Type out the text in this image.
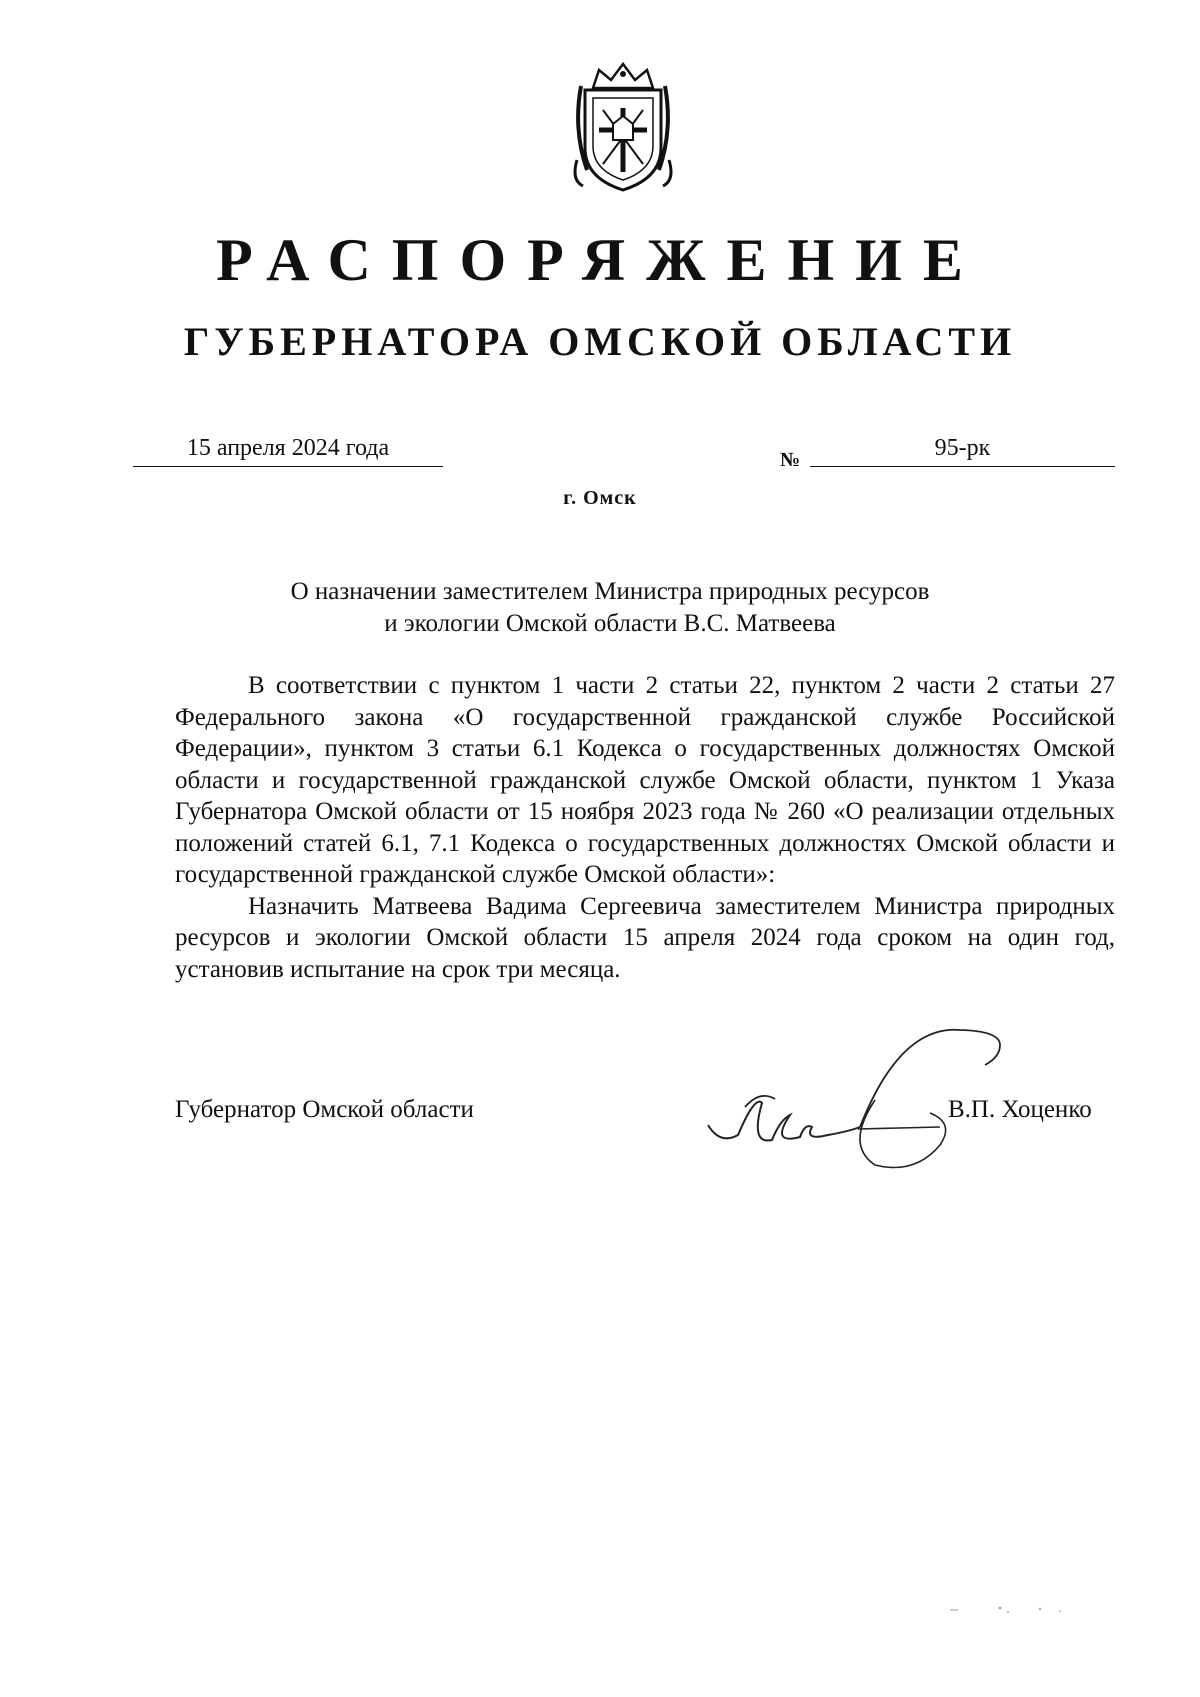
РАСПОРЯЖЕНИЕ
ГУБЕРНАТОРА ОМСКОЙ ОБЛАСТИ
15 апреля 2024 года	№	95-рк
г. Омск
О назначении заместителем Министра природных ресурсов
и экологии Омской области В.С. Матвеева

В соответствии с пунктом 1 части 2 статьи 22, пунктом 2 части 2 статьи 27 Федерального закона «О государственной гражданской службе Российской Федерации», пунктом 3 статьи 6.1 Кодекса о государственных должностях Омской области и государственной гражданской службе Омской области, пунктом 1 Указа Губернатора Омской области от 15 ноября 2023 года № 260 «О реализации отдельных положений статей 6.1, 7.1 Кодекса о государственных должностях Омской области и государственной гражданской службе Омской области»:

Назначить Матвеева Вадима Сергеевича заместителем Министра природных ресурсов и экологии Омской области 15 апреля 2024 года сроком на один год, установив испытание на срок три месяца.

Губернатор Омской области	В.П. Хоценко
